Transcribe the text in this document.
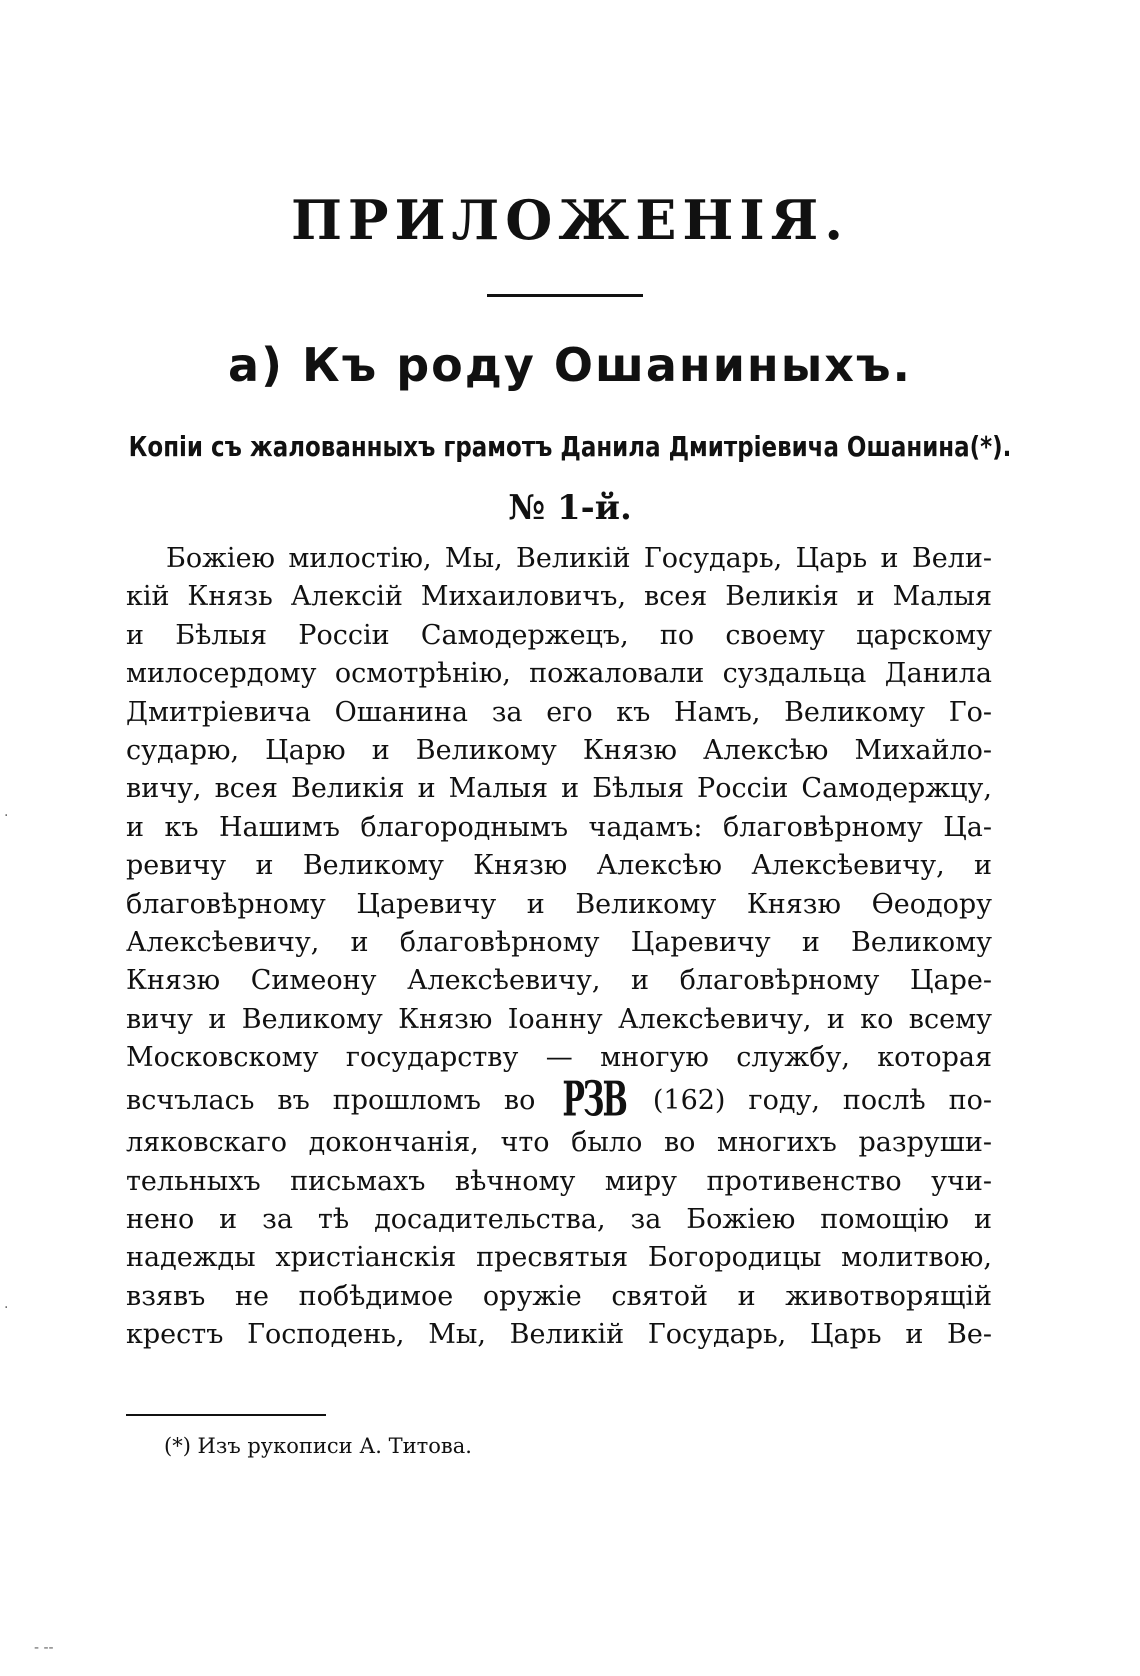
ПРИЛОЖЕНІЯ.
а) Къ роду Ошаниныхъ.
Копіи съ жалованныхъ грамотъ Данила Дмитріевича Ошанина(*).
№ 1-й.
Божіею милостію, Мы, Великій Государь, Царь и Вели-
кій Князь Алексій Михаиловичъ, всея Великія и Малыя
и Бѣлыя Россіи Самодержецъ, по своему царскому
милосердому осмотрѣнію, пожаловали суздальца Данила
Дмитріевича Ошанина за его къ Намъ, Великому Го-
сударю, Царю и Великому Князю Алексѣю Михайло-
вичу, всея Великія и Малыя и Бѣлыя Россіи Самодержцу,
и къ Нашимъ благороднымъ чадамъ: благовѣрному Ца-
ревичу и Великому Князю Алексѣю Алексѣевичу, и
благовѣрному Царевичу и Великому Князю Ѳеодору
Алексѣевичу, и благовѣрному Царевичу и Великому
Князю Симеону Алексѣевичу, и благовѣрному Царе-
вичу и Великому Князю Іоанну Алексѣевичу, и ко всему
Московскому государству — многую службу, которая
всчълась въ прошломъ во РЗВ (162) году, послѣ по-
ляковскаго докончанія, что было во многихъ разруши-
тельныхъ письмахъ вѣчному миру противенство учи-
нено и за тѣ досадительства, за Божіею помощію и
надежды христіанскія пресвятыя Богородицы молитвою,
взявъ не побѣдимое оружіе святой и животворящій
крестъ Господень, Мы, Великій Государь, Царь и Ве-
(*) Изъ рукописи А. Титова.
·
·
- --
